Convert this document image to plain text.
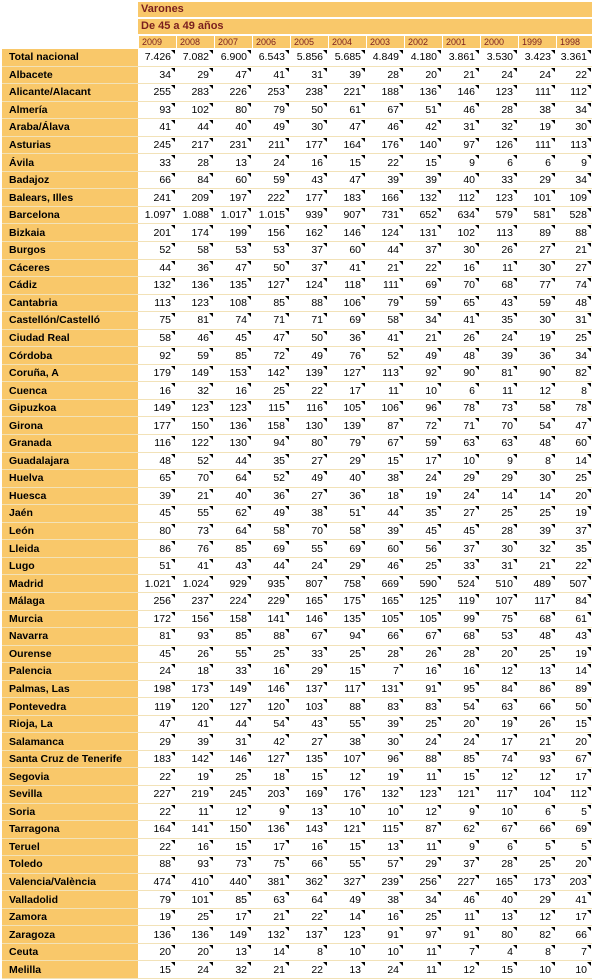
Varones
De 45 a 49 años
	2009	2008	2007	2006	2005	2004	2003	2002	2001	2000	1999	1998
Total nacional	7.426	7.082	6.900	6.543	5.856	5.685	4.849	4.180	3.861	3.530	3.423	3.361
Albacete	34	29	47	41	31	39	28	20	21	24	24	22
Alicante/Alacant	255	283	226	253	238	221	188	136	146	123	111	112
Almería	93	102	80	79	50	61	67	51	46	28	38	34
Araba/Álava	41	44	40	49	30	47	46	42	31	32	19	30
Asturias	245	217	231	211	177	164	176	140	97	126	111	113
Ávila	33	28	13	24	16	15	22	15	9	6	6	9
Badajoz	66	84	60	59	43	47	39	39	40	33	29	34
Balears, Illes	241	209	197	222	177	183	166	132	112	123	101	109
Barcelona	1.097	1.088	1.017	1.015	939	907	731	652	634	579	581	528
Bizkaia	201	174	199	156	162	146	124	131	102	113	89	88
Burgos	52	58	53	53	37	60	44	37	30	26	27	21
Cáceres	44	36	47	50	37	41	21	22	16	11	30	27
Cádiz	132	136	135	127	124	118	111	69	70	68	77	74
Cantabria	113	123	108	85	88	106	79	59	65	43	59	48
Castellón/Castelló	75	81	74	71	71	69	58	34	41	35	30	31
Ciudad Real	58	46	45	47	50	36	41	21	26	24	19	25
Córdoba	92	59	85	72	49	76	52	49	48	39	36	34
Coruña, A	179	149	153	142	139	127	113	92	90	81	90	82
Cuenca	16	32	16	25	22	17	11	10	6	11	12	8
Gipuzkoa	149	123	123	115	116	105	106	96	78	73	58	78
Girona	177	150	136	158	130	139	87	72	71	70	54	47
Granada	116	122	130	94	80	79	67	59	63	63	48	60
Guadalajara	48	52	44	35	27	29	15	17	10	9	8	14
Huelva	65	70	64	52	49	40	38	24	29	29	30	25
Huesca	39	21	40	36	27	36	18	19	24	14	14	20
Jaén	45	55	62	49	38	51	44	35	27	25	25	19
León	80	73	64	58	70	58	39	45	45	28	39	37
Lleida	86	76	85	69	55	69	60	56	37	30	32	35
Lugo	51	41	43	44	24	29	46	25	33	31	21	22
Madrid	1.021	1.024	929	935	807	758	669	590	524	510	489	507
Málaga	256	237	224	229	165	175	165	125	119	107	117	84
Murcia	172	156	158	141	146	135	105	105	99	75	68	61
Navarra	81	93	85	88	67	94	66	67	68	53	48	43
Ourense	45	26	55	25	33	25	28	26	28	20	25	19
Palencia	24	18	33	16	29	15	7	16	16	12	13	14
Palmas, Las	198	173	149	146	137	117	131	91	95	84	86	89
Pontevedra	119	120	127	120	103	88	83	83	54	63	66	50
Rioja, La	47	41	44	54	43	55	39	25	20	19	26	15
Salamanca	29	39	31	42	27	38	30	24	24	17	21	20
Santa Cruz de Tenerife	183	142	146	127	135	107	96	88	85	74	93	67
Segovia	22	19	25	18	15	12	19	11	15	12	12	17
Sevilla	227	219	245	203	169	176	132	123	121	117	104	112
Soria	22	11	12	9	13	10	10	12	9	10	6	5
Tarragona	164	141	150	136	143	121	115	87	62	67	66	69
Teruel	22	16	15	17	16	15	13	11	9	6	5	5
Toledo	88	93	73	75	66	55	57	29	37	28	25	20
Valencia/València	474	410	440	381	362	327	239	256	227	165	173	203
Valladolid	79	101	85	63	64	49	38	34	46	40	29	41
Zamora	19	25	17	21	22	14	16	25	11	13	12	17
Zaragoza	136	136	149	132	137	123	91	97	91	80	82	66
Ceuta	20	20	13	14	8	10	10	11	7	4	8	7
Melilla	15	24	32	21	22	13	24	11	12	15	10	10
